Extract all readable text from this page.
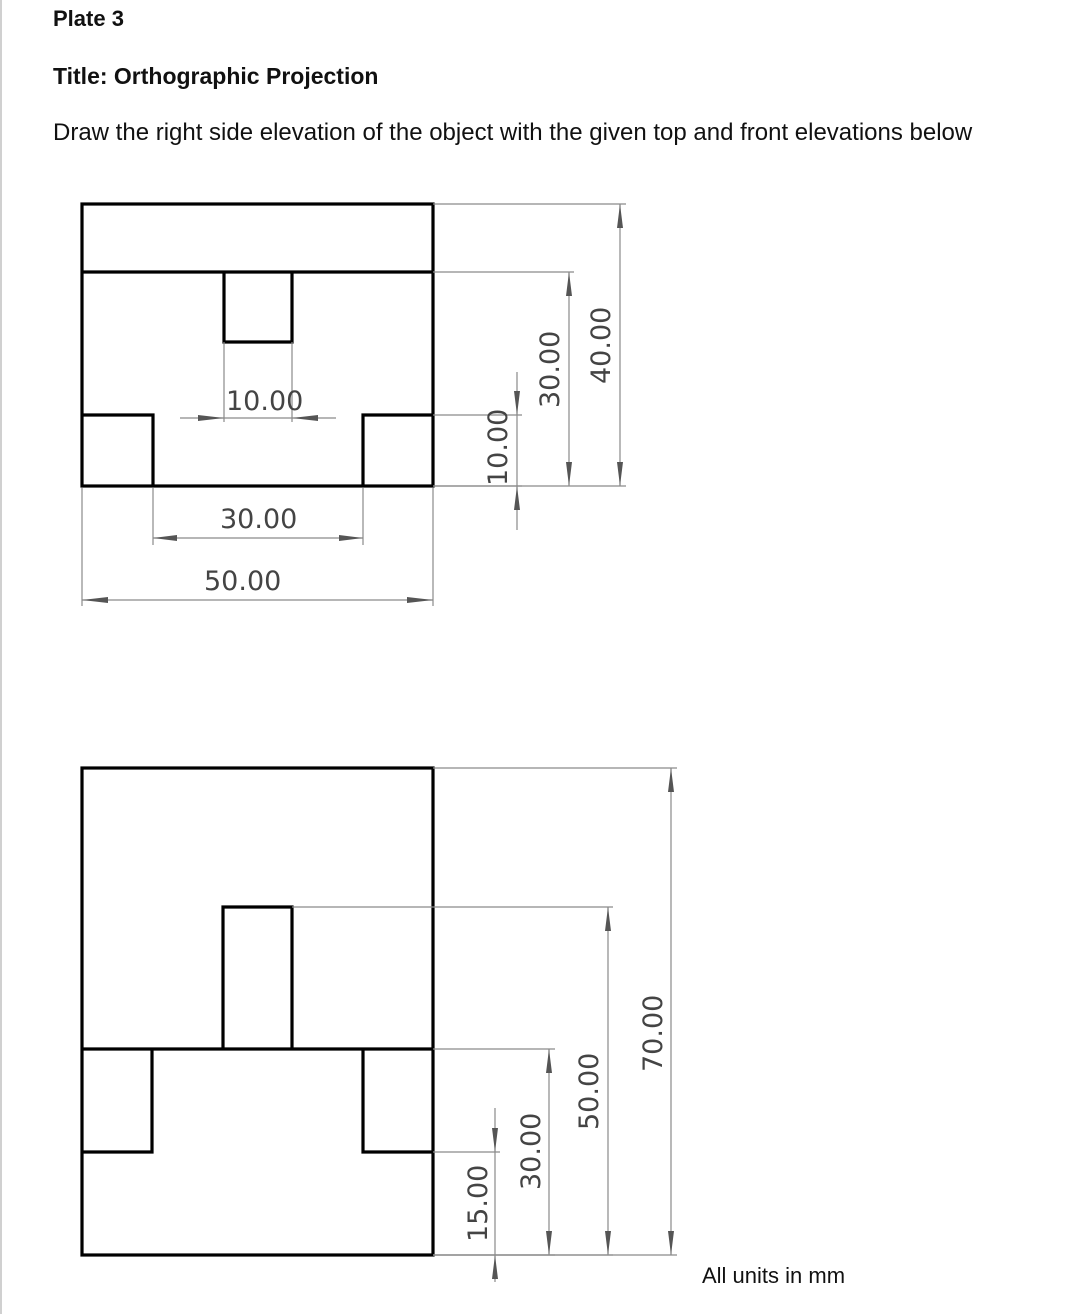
Plate 3
Title: Orthographic Projection
Draw the right side elevation of the object with the given top and front elevations below
10.00
30.00
50.00
10.00
30.00 40.00
15.00
30.00
50.00
70.00
All units in mm
